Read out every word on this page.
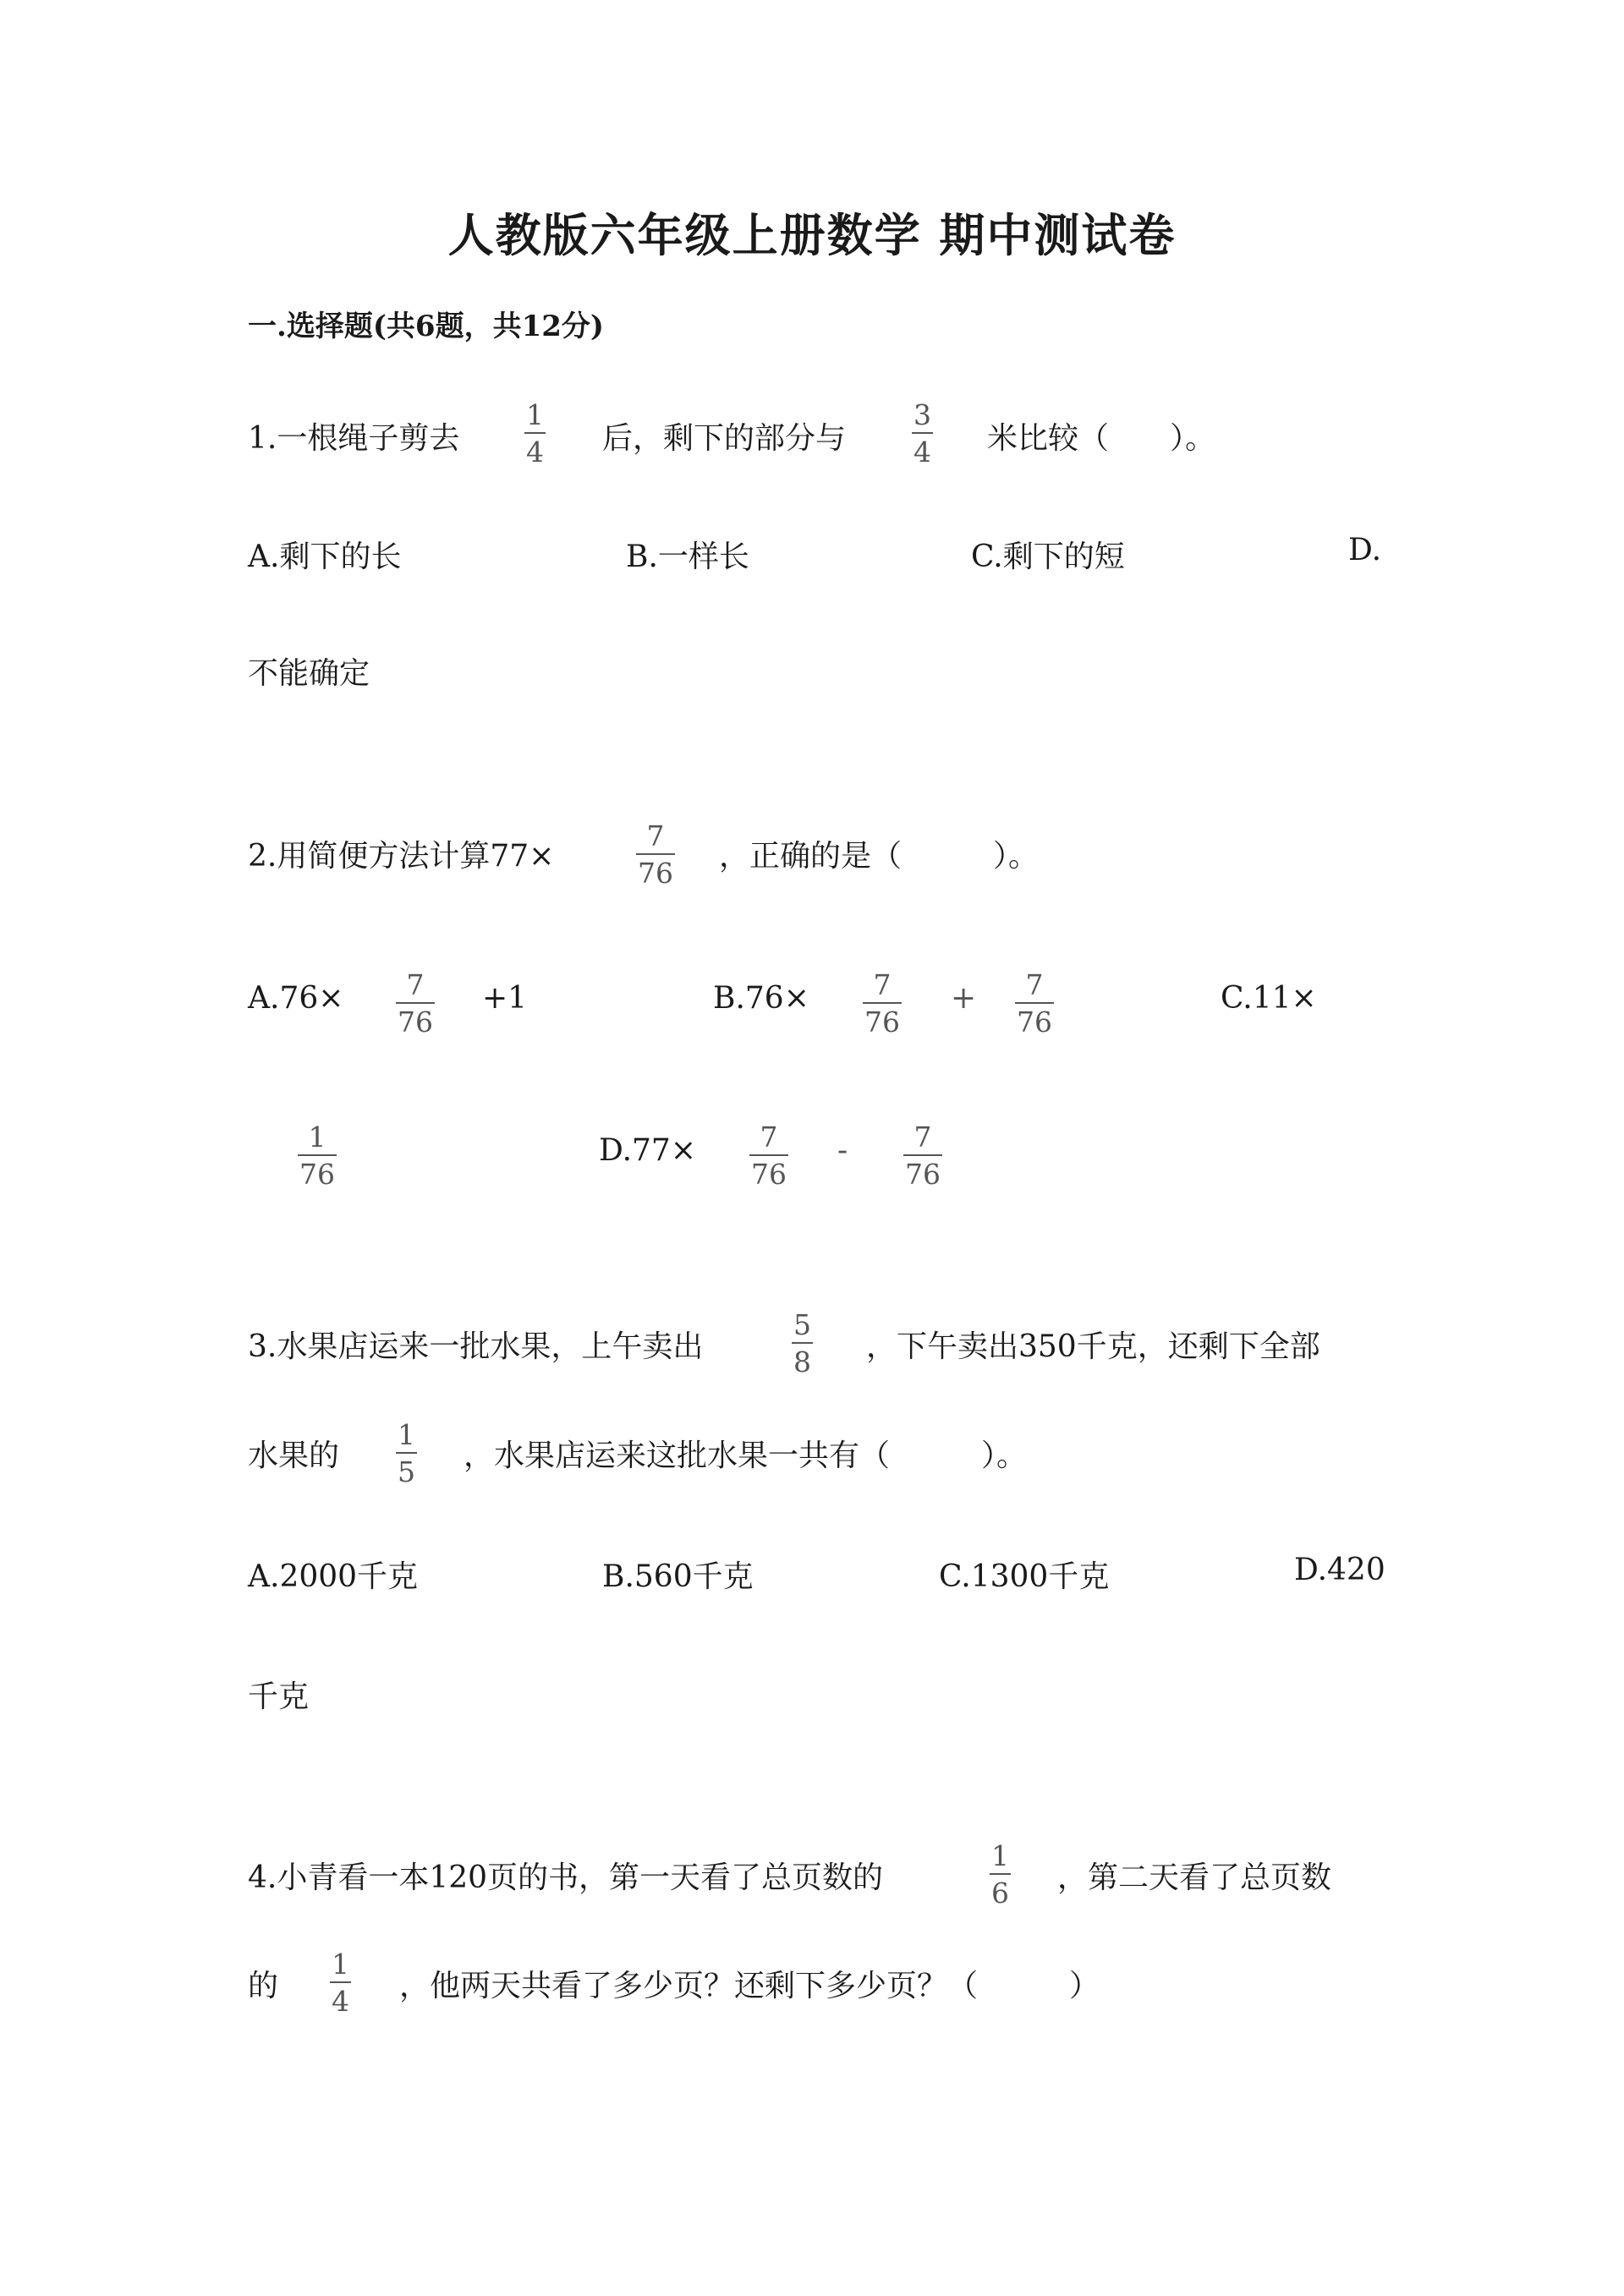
人教版六年级上册数学 期中测试卷
一.选择题(共6题，共12分)
1.一根绳子剪去
1
4 后，剩下的部分与
3
4 米比较（　　）。
A.剩下的长	B.一样长	C.剩下的短	D.
不能确定
2.用简便方法计算77×
7
76 ，正确的是（　　　）。
A.76× 7
76
+1	B.76× 7
76
+ 7
76
C.11×
1
76
D.77× 7
76
- 7
76
3.水果店运来一批水果，上午卖出
5
8 ，下午卖出350千克，还剩下全部
水果的
1
5 ，水果店运来这批水果一共有（　　　）。
A.2000千克	B.560千克	C.1300千克	D.420
千克
4.小青看一本120页的书，第一天看了总页数的
1
6 ，第二天看了总页数
的
1
4 ，他两天共看了多少页？还剩下多少页？（　　　）
